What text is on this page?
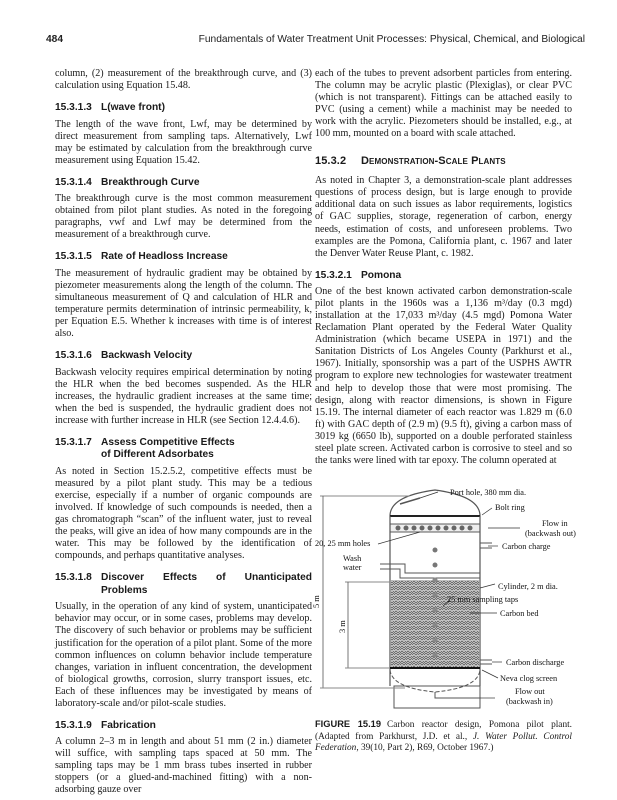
484	Fundamentals of Water Treatment Unit Processes: Physical, Chemical, and Biological

column, (2) measurement of the breakthrough curve, and (3) calculation using Equation 15.48.

15.3.1.3 L(wave front)

The length of the wave front, Lwf, may be determined by direct measurement from sampling taps. Alternatively, Lwf may be estimated by calculation from the breakthrough curve measurement using Equation 15.42.

15.3.1.4 Breakthrough Curve

The breakthrough curve is the most common measurement obtained from pilot plant studies. As noted in the foregoing paragraphs, vwf and Lwf may be determined from the measurement of a breakthrough curve.

15.3.1.5 Rate of Headloss Increase

The measurement of hydraulic gradient may be obtained by piezometer measurements along the length of the column. The simultaneous measurement of Q and calculation of HLR and temperature permits determination of intrinsic permeability, k, per Equation E.5. Whether k increases with time is of interest also.

15.3.1.6 Backwash Velocity

Backwash velocity requires empirical determination by noting the HLR when the bed becomes suspended. As the HLR increases, the hydraulic gradient increases at the same time; when the bed is suspended, the hydraulic gradient does not increase with further increase in HLR (see Section 12.4.4.6).

15.3.1.7 Assess Competitive Effects
of Different Adsorbates

As noted in Section 15.2.5.2, competitive effects must be measured by a pilot plant study. This may be a tedious exercise, especially if a number of organic compounds are involved. If knowledge of such compounds is needed, then a gas chromatograph “scan” of the influent water, just to reveal the peaks, will give an idea of how many compounds are in the water. This may be followed by the identification of compounds, and perhaps quantitative analyses.

15.3.1.8 Discover Effects of Unanticipated Problems

Usually, in the operation of any kind of system, unanticipated behavior may occur, or in some cases, problems may develop. The discovery of such behavior or problems may be sufficient justification for the operation of a pilot plant. Some of the more common influences on column behavior include temperature changes, variation in influent concentration, the development of biological growths, corrosion, slurry transport issues, etc. Each of these influences may be investigated by means of laboratory-scale and/or pilot-scale studies.

15.3.1.9 Fabrication

A column 2–3 m in length and about 51 mm (2 in.) diameter will suffice, with sampling taps spaced at 50 mm. The sampling taps may be 1 mm brass tubes inserted in rubber stoppers (or a glued-and-machined fitting) with a non-adsorbing gauze over

each of the tubes to prevent adsorbent particles from entering. The column may be acrylic plastic (Plexiglas), or clear PVC (which is not transparent). Fittings can be attached easily to PVC (using a cement) while a machinist may be needed to work with the acrylic. Piezometers should be installed, e.g., at 100 mm, mounted on a board with scale attached.

15.3.2	Demonstration-Scale Plants

As noted in Chapter 3, a demonstration-scale plant addresses questions of process design, but is large enough to provide additional data on such issues as labor requirements, logistics of GAC supplies, storage, regeneration of carbon, energy needs, estimation of costs, and unforeseen problems. Two examples are the Pomona, California plant, c. 1967 and later the Denver Water Reuse Plant, c. 1982.

15.3.2.1 Pomona

One of the best known activated carbon demonstration-scale pilot plants in the 1960s was a 1,136 m³/day (0.3 mgd) installation at the 17,033 m³/day (4.5 mgd) Pomona Water Reclamation Plant operated by the Federal Water Quality Administration (which became USEPA in 1971) and the Sanitation Districts of Los Angeles County (Parkhurst et al., 1967). Initially, sponsorship was a part of the USPHS AWTR program to explore new technologies for wastewater treatment and help to develop those that were most promising. The design, along with reactor dimensions, is shown in Figure 15.19. The internal diameter of each reactor was 1.829 m (6.0 ft) with GAC depth of (2.9 m) (9.5 ft), giving a carbon mass of 3019 kg (6650 lb), supported on a double perforated stainless steel plate screen. Activated carbon is corrosive to steel and so the tanks were lined with tar epoxy. The column operated at

Port hole, 380 mm dia.
Bolt ring
Flow in
(backwash out)
20, 25 mm holes	Carbon charge
Wash
water
Cylinder, 2 m dia.
5 m
3 m
25 mm sampling taps
Carbon bed
Carbon discharge
Neva clog screen
Flow out
(backwash in)
FIGURE 15.19 Carbon reactor design, Pomona pilot plant. (Adapted from Parkhurst, J.D. et al., J. Water Pollut. Control Federation, 39(10, Part 2), R69, October 1967.)
